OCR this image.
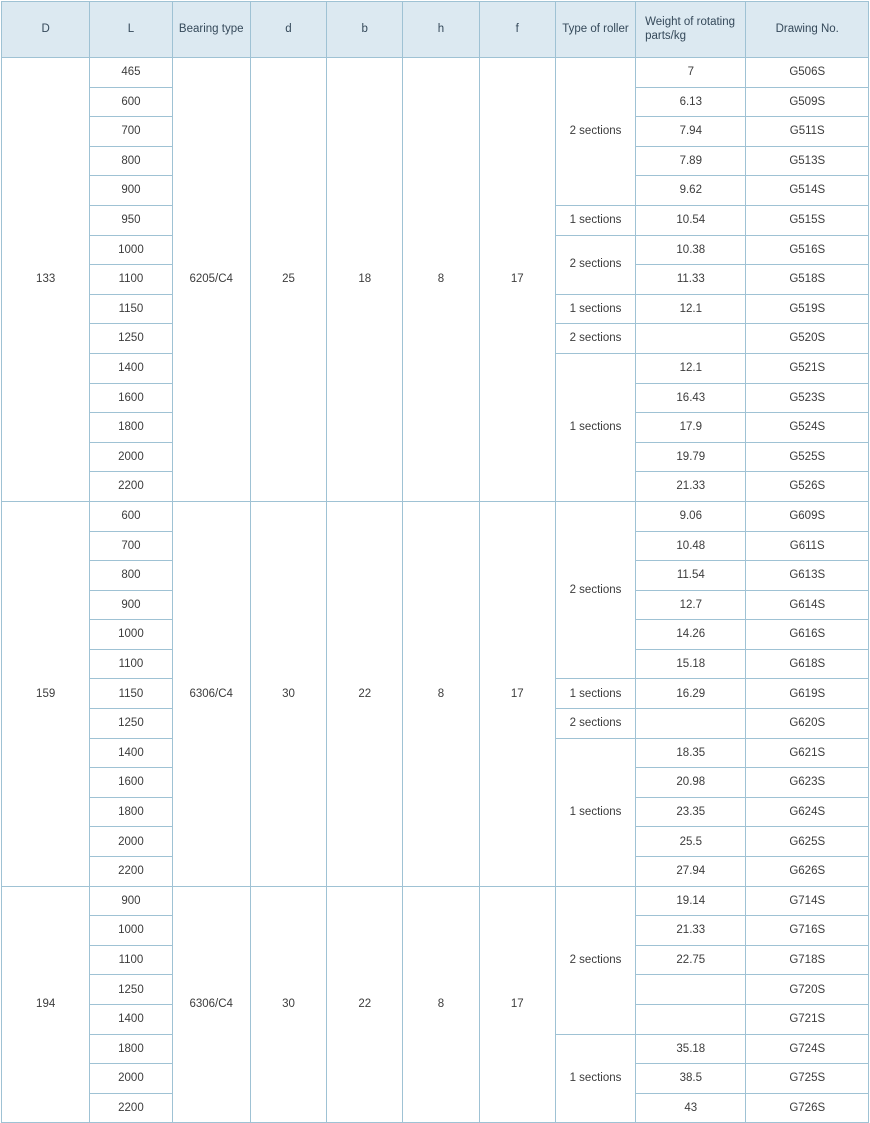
D	L	Bearing type	d	b	h	f	Type of roller	Weight of rotating parts/kg	Drawing No.
133	465	6205/C4	25	18	8	17	2 sections	7	G506S
	600							6.13	G509S
	700							7.94	G511S
	800							7.89	G513S
	900							9.62	G514S
	950						1 sections	10.54	G515S
	1000						2 sections	10.38	G516S
	1100							11.33	G518S
	1150						1 sections	12.1	G519S
	1250						2 sections		G520S
	1400						1 sections	12.1	G521S
	1600							16.43	G523S
	1800							17.9	G524S
	2000							19.79	G525S
	2200							21.33	G526S
159	600	6306/C4	30	22	8	17	2 sections	9.06	G609S
	700							10.48	G611S
	800							11.54	G613S
	900							12.7	G614S
	1000							14.26	G616S
	1100							15.18	G618S
	1150						1 sections	16.29	G619S
	1250						2 sections		G620S
	1400						1 sections	18.35	G621S
	1600							20.98	G623S
	1800							23.35	G624S
	2000							25.5	G625S
	2200							27.94	G626S
194	900	6306/C4	30	22	8	17	2 sections	19.14	G714S
	1000							21.33	G716S
	1100							22.75	G718S
	1250								G720S
	1400								G721S
	1800						1 sections	35.18	G724S
	2000							38.5	G725S
	2200							43	G726S
